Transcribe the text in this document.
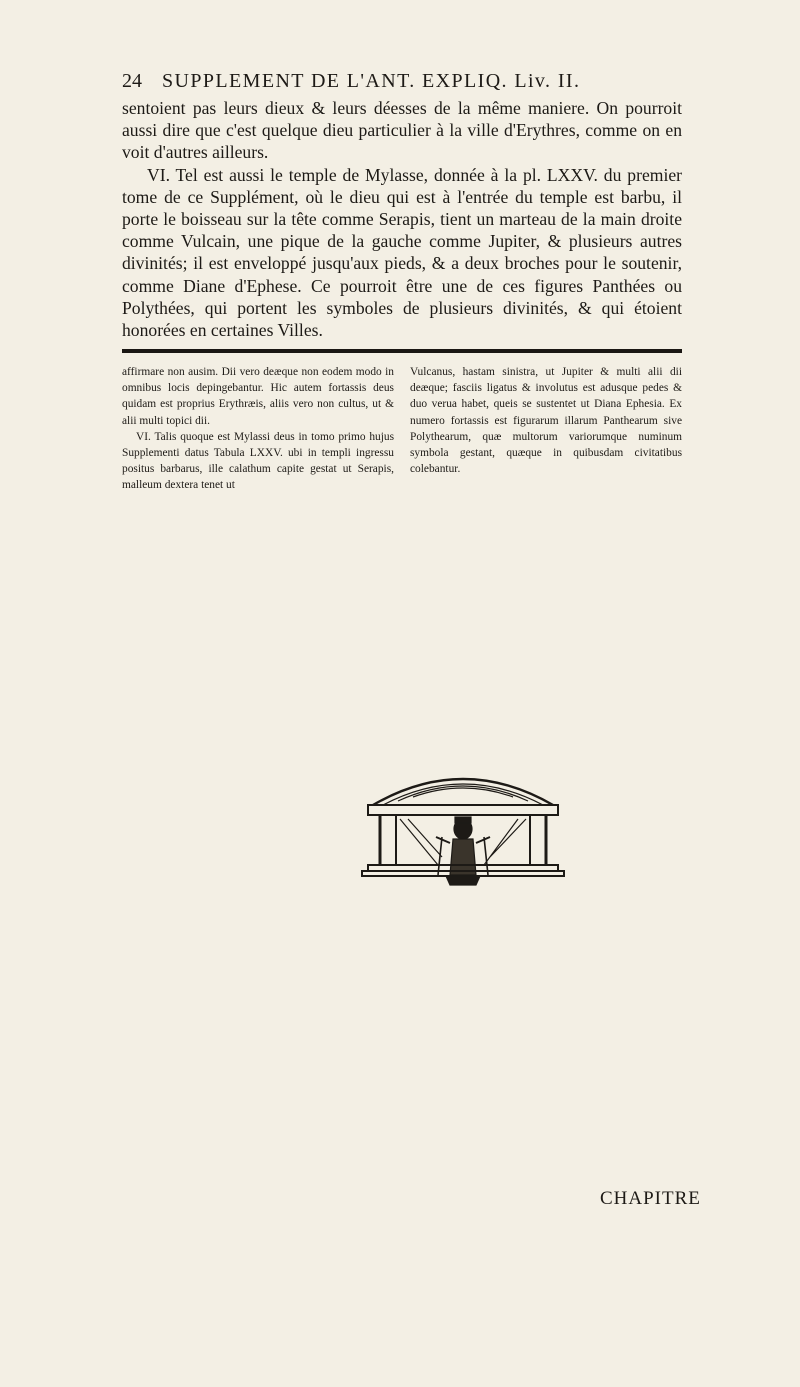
24	SUPPLEMENT DE L'ANT. EXPLIQ. Liv. II.

sentoient pas leurs dieux & leurs déesses de la même maniere. On pourroit aussi dire que c'est quelque dieu particulier à la ville d'Erythres, comme on en voit d'autres ailleurs.

VI. Tel est aussi le temple de Mylasse, donnée à la pl. LXXV. du premier tome de ce Supplément, où le dieu qui est à l'entrée du temple est barbu, il porte le boisseau sur la tête comme Serapis, tient un marteau de la main droite comme Vulcain, une pique de la gauche comme Jupiter, & plusieurs autres divinités; il est enveloppé jusqu'aux pieds, & a deux broches pour le soutenir, comme Diane d'Ephese. Ce pourroit être une de ces figures Panthées ou Polythées, qui portent les symboles de plusieurs divinités, & qui étoient honorées en certaines Villes.

affirmare non ausim. Dii vero deæque non eodem modo in omnibus locis depingebantur. Hic autem fortassis deus quidam est proprius Erythræis, aliis vero non cultus, ut & alii multi topici dii.

VI. Talis quoque est Mylassi deus in tomo primo hujus Supplementi datus Tabula LXXV. ubi in templi ingressu positus barbarus, ille calathum capite gestat ut Serapis, malleum dextera tenet ut

Vulcanus, hastam sinistra, ut Jupiter & multi alii dii deæque; fasciis ligatus & involutus est adusque pedes & duo veruа habet, queis se sustentet ut Diana Ephesia. Ex numero fortassis est figurarum illarum Panthearum sive Polythearum, quæ multorum variorumque numinum symbola gestant, quæque in quibusdam civitatibus colebantur.

CHAPITRE
